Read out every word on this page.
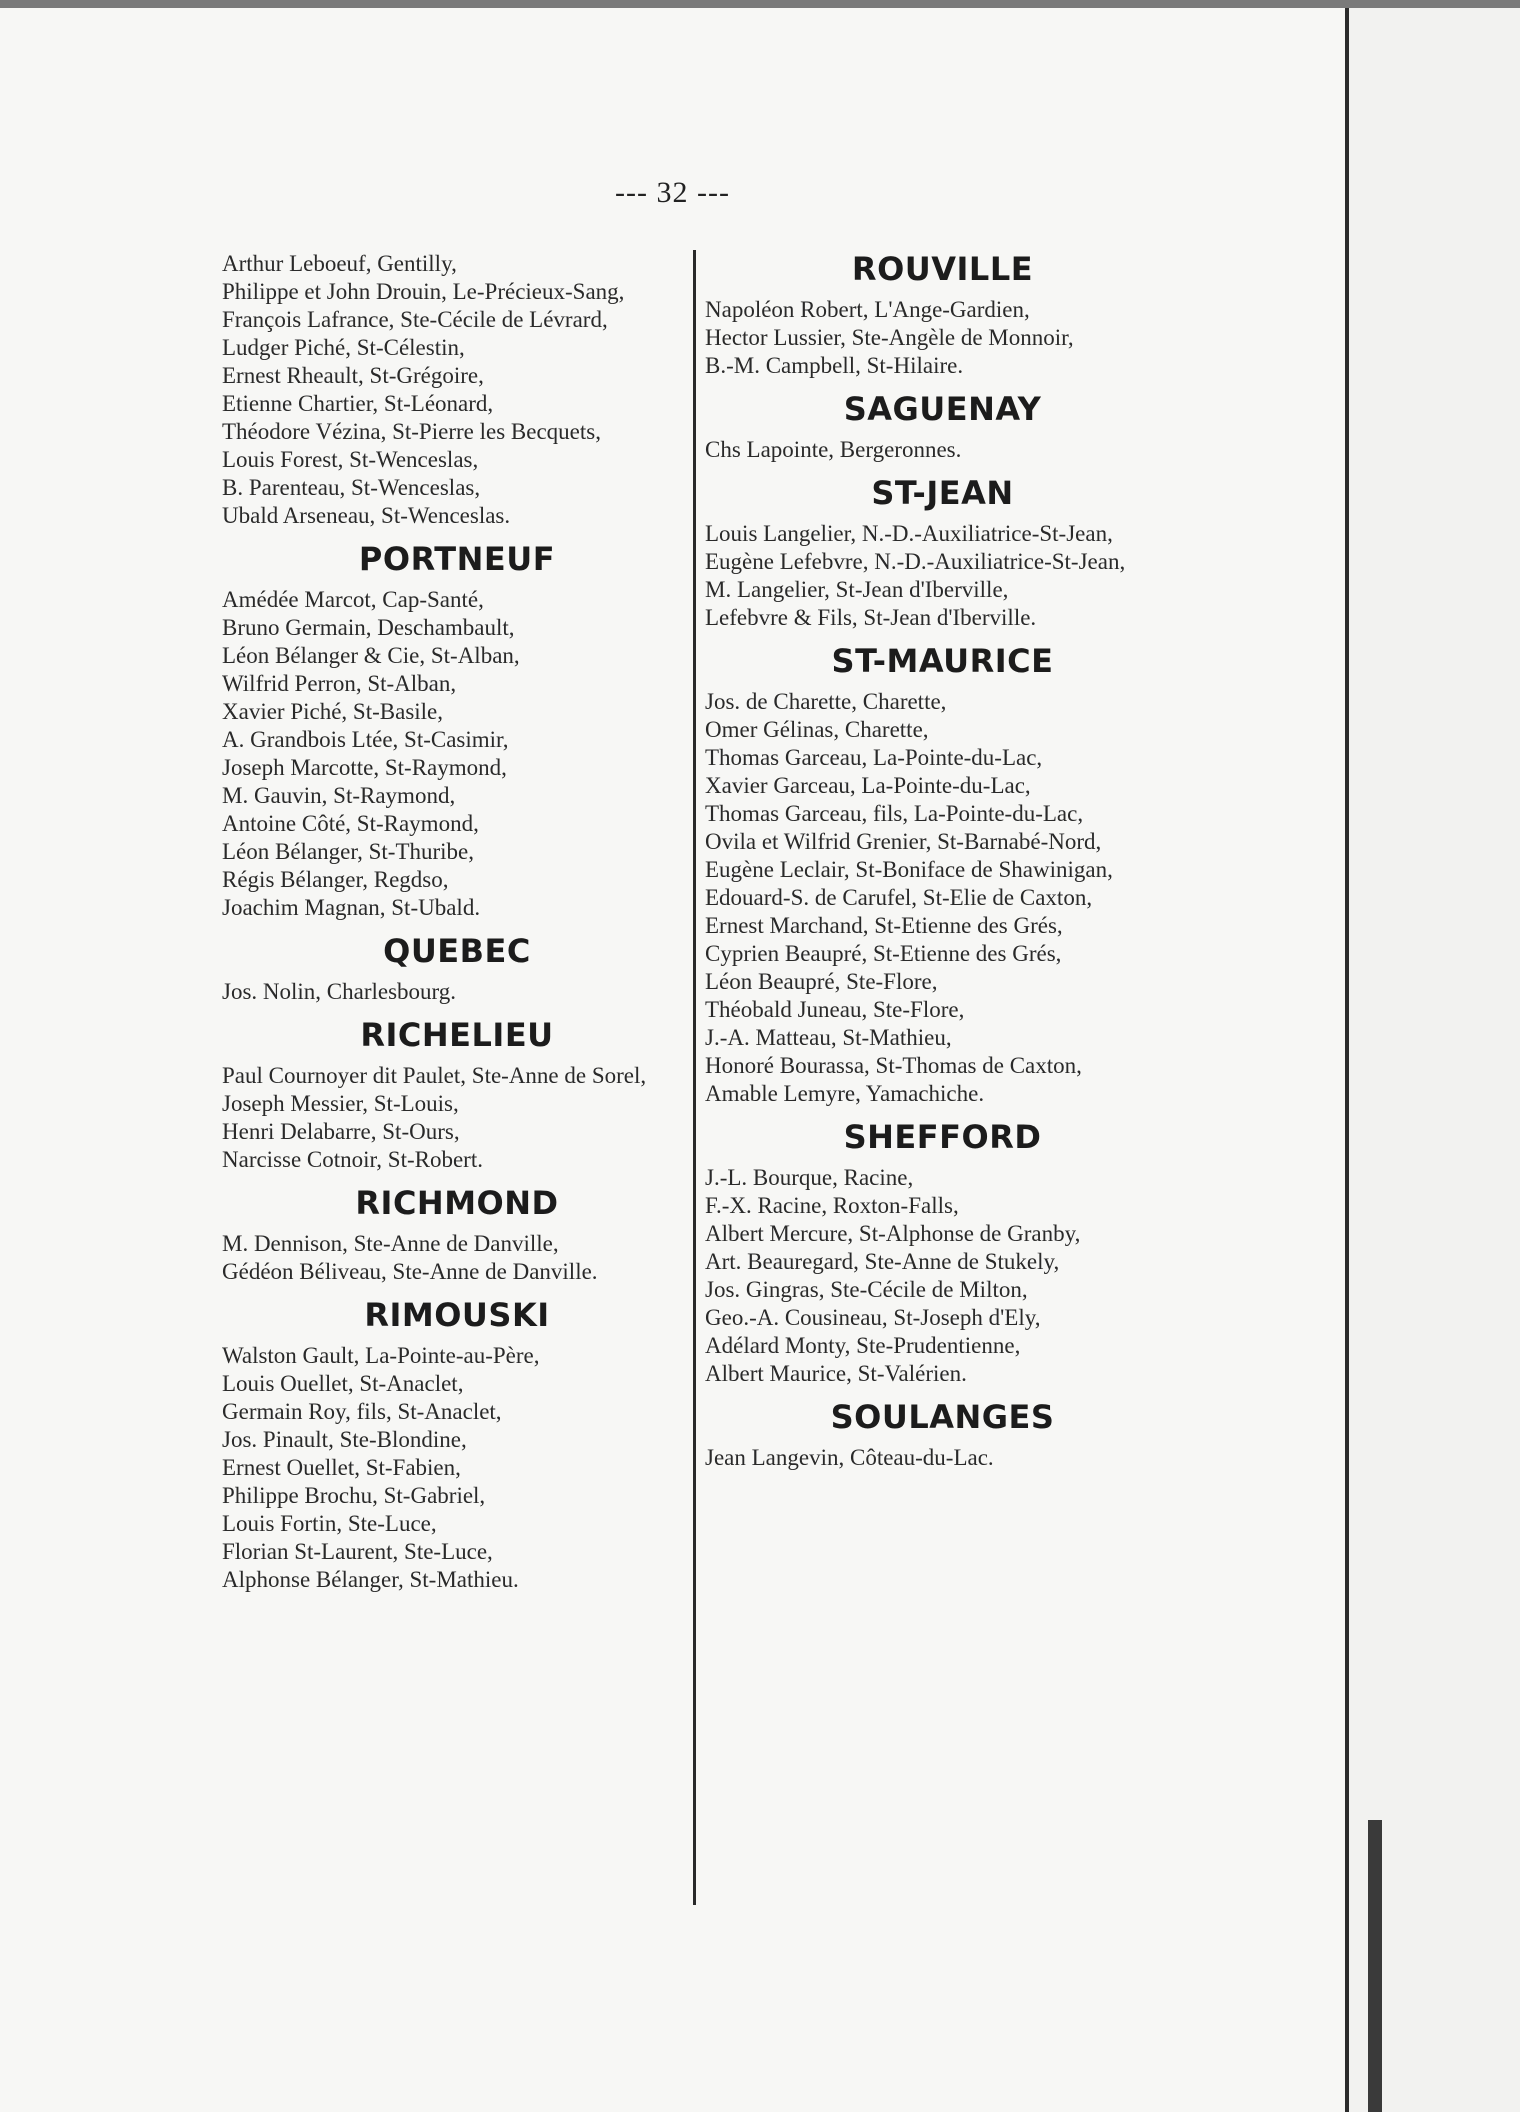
--- 32 ---
Arthur Leboeuf, Gentilly,
Philippe et John Drouin, Le-Précieux-Sang,
François Lafrance, Ste-Cécile de Lévrard,
Ludger Piché, St-Célestin,
Ernest Rheault, St-Grégoire,
Etienne Chartier, St-Léonard,
Théodore Vézina, St-Pierre les Becquets,
Louis Forest, St-Wenceslas,
B. Parenteau, St-Wenceslas,
Ubald Arseneau, St-Wenceslas.
PORTNEUF
Amédée Marcot, Cap-Santé,
Bruno Germain, Deschambault,
Léon Bélanger & Cie, St-Alban,
Wilfrid Perron, St-Alban,
Xavier Piché, St-Basile,
A. Grandbois Ltée, St-Casimir,
Joseph Marcotte, St-Raymond,
M. Gauvin, St-Raymond,
Antoine Côté, St-Raymond,
Léon Bélanger, St-Thuribe,
Régis Bélanger, Regdso,
Joachim Magnan, St-Ubald.
QUEBEC
Jos. Nolin, Charlesbourg.
RICHELIEU
Paul Cournoyer dit Paulet, Ste-Anne de Sorel,
Joseph Messier, St-Louis,
Henri Delabarre, St-Ours,
Narcisse Cotnoir, St-Robert.
RICHMOND
M. Dennison, Ste-Anne de Danville,
Gédéon Béliveau, Ste-Anne de Danville.
RIMOUSKI
Walston Gault, La-Pointe-au-Père,
Louis Ouellet, St-Anaclet,
Germain Roy, fils, St-Anaclet,
Jos. Pinault, Ste-Blondine,
Ernest Ouellet, St-Fabien,
Philippe Brochu, St-Gabriel,
Louis Fortin, Ste-Luce,
Florian St-Laurent, Ste-Luce,
Alphonse Bélanger, St-Mathieu.
ROUVILLE
Napoléon Robert, L'Ange-Gardien,
Hector Lussier, Ste-Angèle de Monnoir,
B.-M. Campbell, St-Hilaire.
SAGUENAY
Chs Lapointe, Bergeronnes.
ST-JEAN
Louis Langelier, N.-D.-Auxiliatrice-St-Jean,
Eugène Lefebvre, N.-D.-Auxiliatrice-St-Jean,
M. Langelier, St-Jean d'Iberville,
Lefebvre & Fils, St-Jean d'Iberville.
ST-MAURICE
Jos. de Charette, Charette,
Omer Gélinas, Charette,
Thomas Garceau, La-Pointe-du-Lac,
Xavier Garceau, La-Pointe-du-Lac,
Thomas Garceau, fils, La-Pointe-du-Lac,
Ovila et Wilfrid Grenier, St-Barnabé-Nord,
Eugène Leclair, St-Boniface de Shawinigan,
Edouard-S. de Carufel, St-Elie de Caxton,
Ernest Marchand, St-Etienne des Grés,
Cyprien Beaupré, St-Etienne des Grés,
Léon Beaupré, Ste-Flore,
Théobald Juneau, Ste-Flore,
J.-A. Matteau, St-Mathieu,
Honoré Bourassa, St-Thomas de Caxton,
Amable Lemyre, Yamachiche.
SHEFFORD
J.-L. Bourque, Racine,
F.-X. Racine, Roxton-Falls,
Albert Mercure, St-Alphonse de Granby,
Art. Beauregard, Ste-Anne de Stukely,
Jos. Gingras, Ste-Cécile de Milton,
Geo.-A. Cousineau, St-Joseph d'Ely,
Adélard Monty, Ste-Prudentienne,
Albert Maurice, St-Valérien.
SOULANGES
Jean Langevin, Côteau-du-Lac.
